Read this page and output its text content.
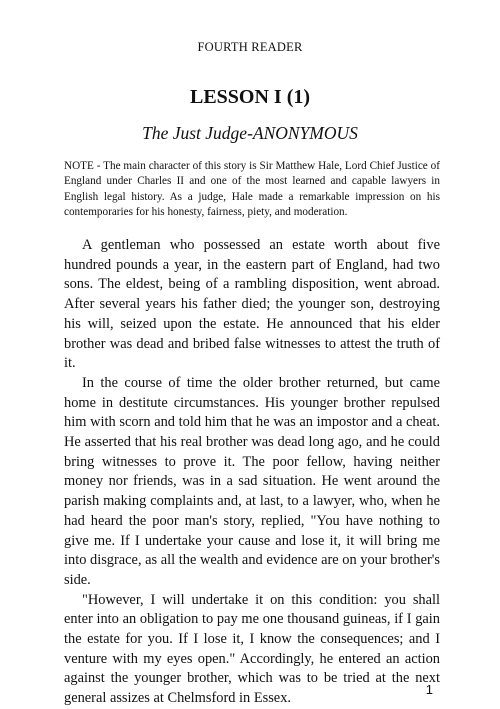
FOURTH READER
LESSON I (1)
The Just Judge-ANONYMOUS
NOTE - The main character of this story is Sir Matthew Hale, Lord Chief Justice of England under Charles II and one of the most learned and capable lawyers in English legal history. As a judge, Hale made a remarkable impression on his contemporaries for his honesty, fairness, piety, and moderation.

A gentleman who possessed an estate worth about five hundred pounds a year, in the eastern part of England, had two sons. The eldest, being of a rambling disposition, went abroad. After several years his father died; the younger son, destroying his will, seized upon the estate. He announced that his elder brother was dead and bribed false witnesses to attest the truth of it.

In the course of time the older brother returned, but came home in destitute circumstances. His younger brother repulsed him with scorn and told him that he was an impostor and a cheat. He asserted that his real brother was dead long ago, and he could bring witnesses to prove it. The poor fellow, having neither money nor friends, was in a sad situation. He went around the parish making complaints and, at last, to a lawyer, who, when he had heard the poor man's story, replied, "You have nothing to give me. If I undertake your cause and lose it, it will bring me into disgrace, as all the wealth and evidence are on your brother's side.

"However, I will undertake it on this condition: you shall enter into an obligation to pay me one thousand guineas, if I gain the estate for you. If I lose it, I know the consequences; and I venture with my eyes open." Accordingly, he entered an action against the younger brother, which was to be tried at the next general assizes at Chelmsford in Essex.

1
